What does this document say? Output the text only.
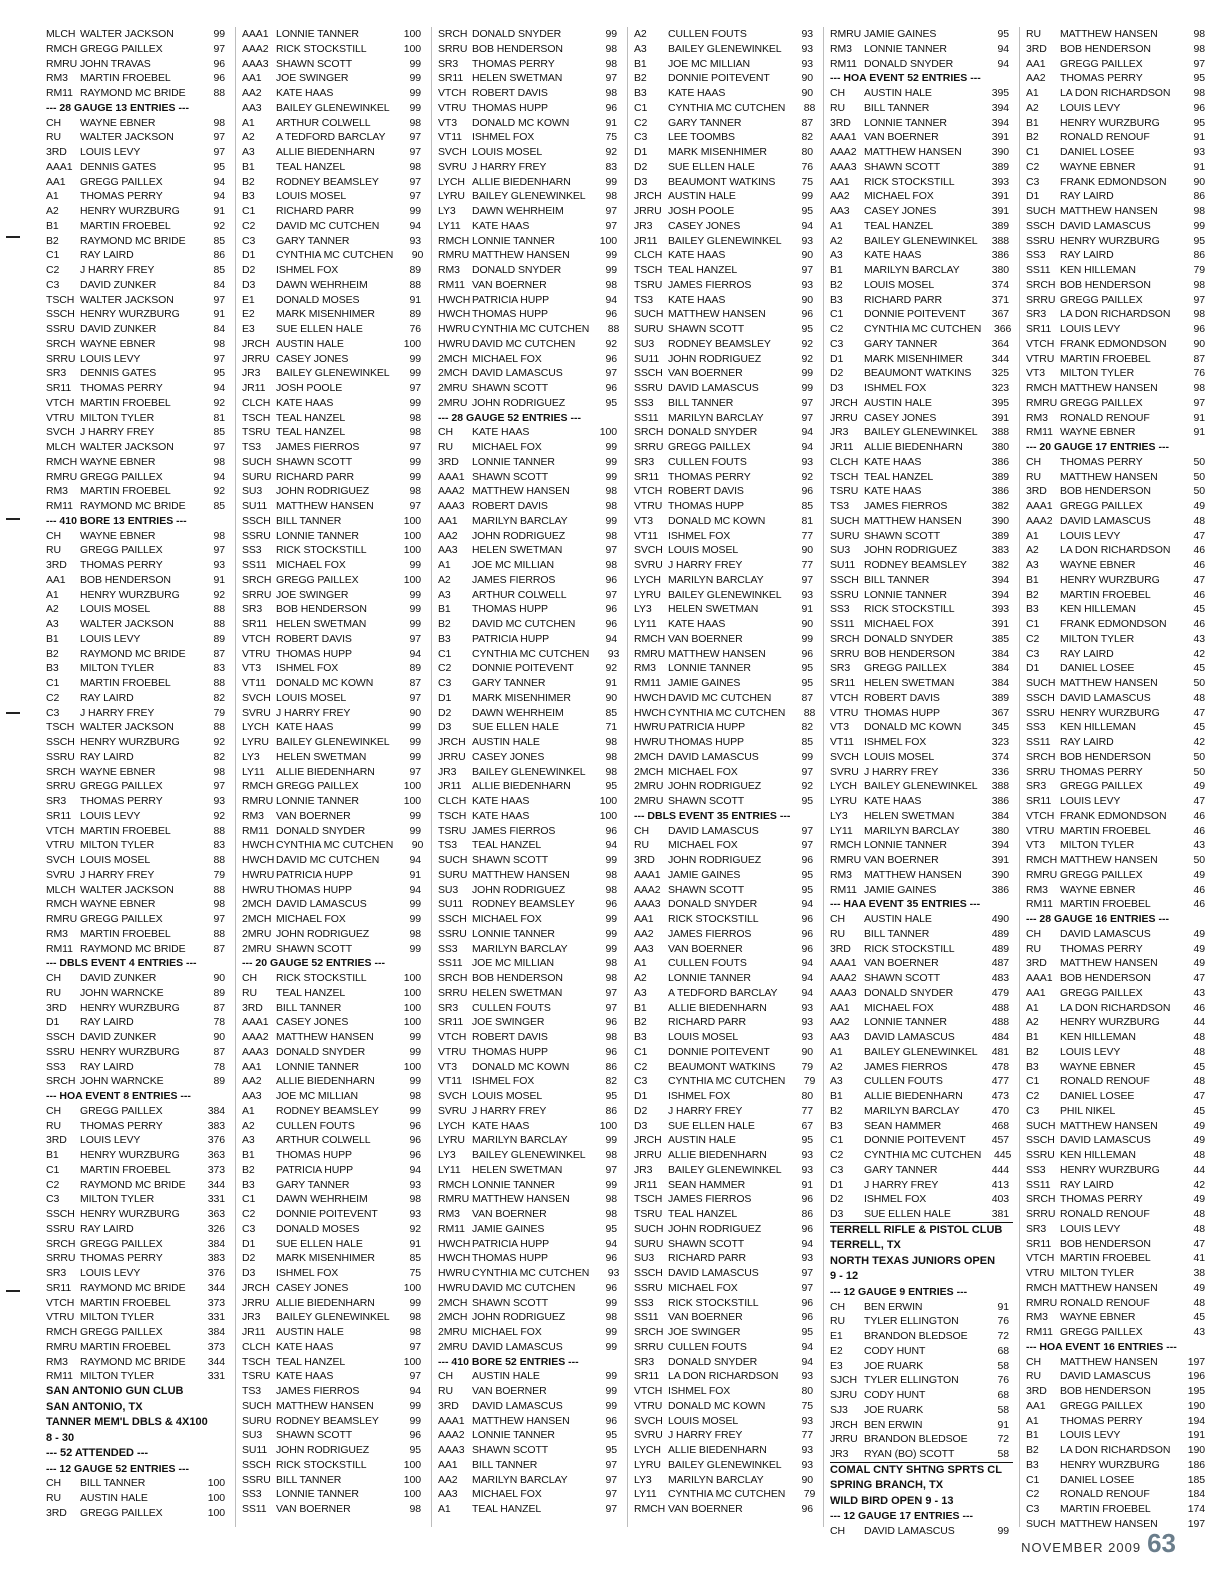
MLCH WALTER JACKSON	99
RMCH GREGG PAILLEX	97
RMRU JOHN TRAVAS	96
RM3	MARTIN FROEBEL	96
RM11 RAYMOND MC BRIDE	88
--- 28 GAUGE 13 ENTRIES ---
CH	WAYNE EBNER	98
RU	WALTER JACKSON	97
3RD	LOUIS LEVY	97
AAA1 DENNIS GATES	95
AA1	GREGG PAILLEX	94
A1	THOMAS PERRY	94
A2	HENRY WURZBURG	91
B1	MARTIN FROEBEL	92
B2	RAYMOND MC BRIDE	85
C1	RAY LAIRD	86
C2	J HARRY FREY	85
C3	DAVID ZUNKER	84
TSCH WALTER JACKSON	97
SSCH HENRY WURZBURG	91
SSRU DAVID ZUNKER	84
SRCH WAYNE EBNER	98
SRRU LOUIS LEVY	97
SR3	DENNIS GATES	95
SR11 THOMAS PERRY	94
VTCH MARTIN FROEBEL	92
VTRU MILTON TYLER	81
SVCH J HARRY FREY	85
MLCH WALTER JACKSON	97
RMCH WAYNE EBNER	98
RMRU GREGG PAILLEX	94
RM3	MARTIN FROEBEL	92
RM11 RAYMOND MC BRIDE	85
--- 410 BORE 13 ENTRIES ---
CH	WAYNE EBNER	98
RU	GREGG PAILLEX	97
3RD	THOMAS PERRY	93
AA1	BOB HENDERSON	91
A1	HENRY WURZBURG	92
A2	LOUIS MOSEL	88
A3	WALTER JACKSON	88
B1	LOUIS LEVY	89
B2	RAYMOND MC BRIDE	87
B3	MILTON TYLER	83
C1	MARTIN FROEBEL	88
C2	RAY LAIRD	82
C3	J HARRY FREY	79
TSCH WALTER JACKSON	88
SSCH HENRY WURZBURG	92
SSRU RAY LAIRD	82
SRCH WAYNE EBNER	98
SRRU GREGG PAILLEX	97
SR3	THOMAS PERRY	93
SR11 LOUIS LEVY	92
VTCH MARTIN FROEBEL	88
VTRU MILTON TYLER	83
SVCH LOUIS MOSEL	88
SVRU J HARRY FREY	79
MLCH WALTER JACKSON	88
RMCH WAYNE EBNER	98
RMRU GREGG PAILLEX	97
RM3	MARTIN FROEBEL	88
RM11 RAYMOND MC BRIDE	87
--- DBLS EVENT 4 ENTRIES ---
CH	DAVID ZUNKER	90
RU	JOHN WARNCKE	89
3RD	HENRY WURZBURG	87
D1	RAY LAIRD	78
SSCH DAVID ZUNKER	90
SSRU HENRY WURZBURG	87
SS3	RAY LAIRD	78
SRCH JOHN WARNCKE	89
--- HOA EVENT 8 ENTRIES ---
CH	GREGG PAILLEX	384
RU	THOMAS PERRY	383
3RD	LOUIS LEVY	376
B1	HENRY WURZBURG	363
C1	MARTIN FROEBEL	373
C2	RAYMOND MC BRIDE	344
C3	MILTON TYLER	331
SSCH HENRY WURZBURG	363
SSRU RAY LAIRD	326
SRCH GREGG PAILLEX	384
SRRU THOMAS PERRY	383
SR3	LOUIS LEVY	376
SR11 RAYMOND MC BRIDE	344
VTCH MARTIN FROEBEL	373
VTRU MILTON TYLER	331
RMCH GREGG PAILLEX	384
RMRU MARTIN FROEBEL	373
RM3	RAYMOND MC BRIDE	344
RM11 MILTON TYLER	331
SAN ANTONIO GUN CLUB
SAN ANTONIO, TX
TANNER MEM'L DBLS & 4X100
8 - 30
--- 52 ATTENDED ---
--- 12 GAUGE 52 ENTRIES ---
CH	BILL TANNER	100
RU	AUSTIN HALE	100
3RD	GREGG PAILLEX	100
AAA1 LONNIE TANNER	100
AAA2 RICK STOCKSTILL	100
AAA3 SHAWN SCOTT	99
AA1	JOE SWINGER	99
AA2	KATE HAAS	99
AA3	BAILEY GLENEWINKEL	99
A1	ARTHUR COLWELL	98
A2	A TEDFORD BARCLAY	97
A3	ALLIE BIEDENHARN	97
B1	TEAL HANZEL	98
B2	RODNEY BEAMSLEY	97
B3	LOUIS MOSEL	97
C1	RICHARD PARR	99
C2	DAVID MC CUTCHEN	94
C3	GARY TANNER	93
D1	CYNTHIA MC CUTCHEN	90
D2	ISHMEL FOX	89
D3	DAWN WEHRHEIM	88
E1	DONALD MOSES	91
E2	MARK MISENHIMER	89
E3	SUE ELLEN HALE	76
JRCH AUSTIN HALE	100
JRRU CASEY JONES	99
JR3	BAILEY GLENEWINKEL	99
JR11	JOSH POOLE	97
CLCH KATE HAAS	99
TSCH TEAL HANZEL	98
TSRU TEAL HANZEL	98
TS3	JAMES FIERROS	97
SUCH SHAWN SCOTT	99
SURU RICHARD PARR	99
SU3	JOHN RODRIGUEZ	98
SU11 MATTHEW HANSEN	97
SSCH BILL TANNER	100
SSRU LONNIE TANNER	100
SS3	RICK STOCKSTILL	100
SS11 MICHAEL FOX	99
SRCH GREGG PAILLEX	100
SRRU JOE SWINGER	99
SR3	BOB HENDERSON	99
SR11 HELEN SWETMAN	99
VTCH ROBERT DAVIS	97
VTRU THOMAS HUPP	94
VT3	ISHMEL FOX	89
VT11 DONALD MC KOWN	87
SVCH LOUIS MOSEL	97
SVRU J HARRY FREY	90
LYCH KATE HAAS	99
LYRU BAILEY GLENEWINKEL	99
LY3	HELEN SWETMAN	99
LY11	ALLIE BIEDENHARN	97
RMCH GREGG PAILLEX	100
RMRU LONNIE TANNER	100
RM3	VAN BOERNER	99
RM11 DONALD SNYDER	99
HWCH CYNTHIA MC CUTCHEN	90
HWCH DAVID MC CUTCHEN	94
HWRU PATRICIA HUPP	91
HWRU THOMAS HUPP	94
2MCH DAVID LAMASCUS	99
2MCH MICHAEL FOX	99
2MRU JOHN RODRIGUEZ	98
2MRU SHAWN SCOTT	99
--- 20 GAUGE 52 ENTRIES ---
CH	RICK STOCKSTILL	100
RU	TEAL HANZEL	100
3RD	BILL TANNER	100
AAA1 CASEY JONES	100
AAA2 MATTHEW HANSEN	99
AAA3 DONALD SNYDER	99
AA1	LONNIE TANNER	100
AA2	ALLIE BIEDENHARN	99
AA3	JOE MC MILLIAN	98
A1	RODNEY BEAMSLEY	99
A2	CULLEN FOUTS	96
A3	ARTHUR COLWELL	96
B1	THOMAS HUPP	96
B2	PATRICIA HUPP	94
B3	GARY TANNER	93
C1	DAWN WEHRHEIM	98
C2	DONNIE POITEVENT	93
C3	DONALD MOSES	92
D1	SUE ELLEN HALE	91
D2	MARK MISENHIMER	85
D3	ISHMEL FOX	75
JRCH CASEY JONES	100
JRRU ALLIE BIEDENHARN	99
JR3	BAILEY GLENEWINKEL	98
JR11	AUSTIN HALE	98
CLCH KATE HAAS	97
TSCH TEAL HANZEL	100
TSRU KATE HAAS	97
TS3	JAMES FIERROS	94
SUCH MATTHEW HANSEN	99
SURU RODNEY BEAMSLEY	99
SU3	SHAWN SCOTT	96
SU11 JOHN RODRIGUEZ	95
SSCH RICK STOCKSTILL	100
SSRU BILL TANNER	100
SS3	LONNIE TANNER	100
SS11 VAN BOERNER	98
SRCH DONALD SNYDER	99
SRRU BOB HENDERSON	98
SR3	THOMAS PERRY	98
SR11 HELEN SWETMAN	97
VTCH ROBERT DAVIS	98
VTRU THOMAS HUPP	96
VT3	DONALD MC KOWN	91
VT11 ISHMEL FOX	75
SVCH LOUIS MOSEL	92
SVRU J HARRY FREY	83
LYCH ALLIE BIEDENHARN	99
LYRU BAILEY GLENEWINKEL	98
LY3	DAWN WEHRHEIM	97
LY11	KATE HAAS	97
RMCH LONNIE TANNER	100
RMRU MATTHEW HANSEN	99
RM3	DONALD SNYDER	99
RM11 VAN BOERNER	98
HWCH PATRICIA HUPP	94
HWCH THOMAS HUPP	96
HWRU CYNTHIA MC CUTCHEN	88
HWRU DAVID MC CUTCHEN	92
2MCH MICHAEL FOX	96
2MCH DAVID LAMASCUS	97
2MRU SHAWN SCOTT	96
2MRU JOHN RODRIGUEZ	95
--- 28 GAUGE 52 ENTRIES ---
CH	KATE HAAS	100
RU	MICHAEL FOX	99
3RD	LONNIE TANNER	99
AAA1 SHAWN SCOTT	99
AAA2 MATTHEW HANSEN	98
AAA3 ROBERT DAVIS	98
AA1	MARILYN BARCLAY	99
AA2	JOHN RODRIGUEZ	98
AA3	HELEN SWETMAN	97
A1	JOE MC MILLIAN	98
A2	JAMES FIERROS	96
A3	ARTHUR COLWELL	97
B1	THOMAS HUPP	96
B2	DAVID MC CUTCHEN	96
B3	PATRICIA HUPP	94
C1	CYNTHIA MC CUTCHEN	93
C2	DONNIE POITEVENT	92
C3	GARY TANNER	91
D1	MARK MISENHIMER	90
D2	DAWN WEHRHEIM	85
D3	SUE ELLEN HALE	71
JRCH AUSTIN HALE	98
JRRU CASEY JONES	98
JR3	BAILEY GLENEWINKEL	98
JR11	ALLIE BIEDENHARN	95
CLCH KATE HAAS	100
TSCH KATE HAAS	100
TSRU JAMES FIERROS	96
TS3	TEAL HANZEL	94
SUCH SHAWN SCOTT	99
SURU MATTHEW HANSEN	98
SU3	JOHN RODRIGUEZ	98
SU11 RODNEY BEAMSLEY	96
SSCH MICHAEL FOX	99
SSRU LONNIE TANNER	99
SS3	MARILYN BARCLAY	99
SS11 JOE MC MILLIAN	98
SRCH BOB HENDERSON	98
SRRU HELEN SWETMAN	97
SR3	CULLEN FOUTS	97
SR11 JOE SWINGER	96
VTCH ROBERT DAVIS	98
VTRU THOMAS HUPP	96
VT3	DONALD MC KOWN	86
VT11 ISHMEL FOX	82
SVCH LOUIS MOSEL	95
SVRU J HARRY FREY	86
LYCH KATE HAAS	100
LYRU MARILYN BARCLAY	99
LY3	BAILEY GLENEWINKEL	98
LY11	HELEN SWETMAN	97
RMCH LONNIE TANNER	99
RMRU MATTHEW HANSEN	98
RM3	VAN BOERNER	98
RM11 JAMIE GAINES	95
HWCH PATRICIA HUPP	94
HWCH THOMAS HUPP	96
HWRU CYNTHIA MC CUTCHEN	93
HWRU DAVID MC CUTCHEN	96
2MCH SHAWN SCOTT	99
2MCH JOHN RODRIGUEZ	98
2MRU MICHAEL FOX	99
2MRU DAVID LAMASCUS	99
--- 410 BORE 52 ENTRIES ---
CH	AUSTIN HALE	99
RU	VAN BOERNER	99
3RD	DAVID LAMASCUS	99
AAA1 MATTHEW HANSEN	96
AAA2 LONNIE TANNER	95
AAA3 SHAWN SCOTT	95
AA1	BILL TANNER	97
AA2	MARILYN BARCLAY	97
AA3	MICHAEL FOX	97
A1	TEAL HANZEL	97
A2	CULLEN FOUTS	93
A3	BAILEY GLENEWINKEL	93
B1	JOE MC MILLIAN	93
B2	DONNIE POITEVENT	90
B3	KATE HAAS	90
C1	CYNTHIA MC CUTCHEN	88
C2	GARY TANNER	87
C3	LEE TOOMBS	82
D1	MARK MISENHIMER	80
D2	SUE ELLEN HALE	76
D3	BEAUMONT WATKINS	75
JRCH AUSTIN HALE	99
JRRU JOSH POOLE	95
JR3	CASEY JONES	94
JR11	BAILEY GLENEWINKEL	93
CLCH KATE HAAS	90
TSCH TEAL HANZEL	97
TSRU JAMES FIERROS	93
TS3	KATE HAAS	90
SUCH MATTHEW HANSEN	96
SURU SHAWN SCOTT	95
SU3	RODNEY BEAMSLEY	92
SU11 JOHN RODRIGUEZ	92
SSCH VAN BOERNER	99
SSRU DAVID LAMASCUS	99
SS3	BILL TANNER	97
SS11 MARILYN BARCLAY	97
SRCH DONALD SNYDER	94
SRRU GREGG PAILLEX	94
SR3	CULLEN FOUTS	93
SR11 THOMAS PERRY	92
VTCH ROBERT DAVIS	96
VTRU THOMAS HUPP	85
VT3	DONALD MC KOWN	81
VT11 ISHMEL FOX	77
SVCH LOUIS MOSEL	90
SVRU J HARRY FREY	77
LYCH MARILYN BARCLAY	97
LYRU BAILEY GLENEWINKEL	93
LY3	HELEN SWETMAN	91
LY11	KATE HAAS	90
RMCH VAN BOERNER	99
RMRU MATTHEW HANSEN	96
RM3	LONNIE TANNER	95
RM11 JAMIE GAINES	95
HWCH DAVID MC CUTCHEN	87
HWCH CYNTHIA MC CUTCHEN	88
HWRU PATRICIA HUPP	82
HWRU THOMAS HUPP	85
2MCH DAVID LAMASCUS	99
2MCH MICHAEL FOX	97
2MRU JOHN RODRIGUEZ	92
2MRU SHAWN SCOTT	95
--- DBLS EVENT 35 ENTRIES ---
CH	DAVID LAMASCUS	97
RU	MICHAEL FOX	97
3RD	JOHN RODRIGUEZ	96
AAA1 JAMIE GAINES	95
AAA2 SHAWN SCOTT	95
AAA3 DONALD SNYDER	94
AA1	RICK STOCKSTILL	96
AA2	JAMES FIERROS	96
AA3	VAN BOERNER	96
A1	CULLEN FOUTS	94
A2	LONNIE TANNER	94
A3	A TEDFORD BARCLAY	94
B1	ALLIE BIEDENHARN	93
B2	RICHARD PARR	93
B3	LOUIS MOSEL	93
C1	DONNIE POITEVENT	90
C2	BEAUMONT WATKINS	79
C3	CYNTHIA MC CUTCHEN	79
D1	ISHMEL FOX	80
D2	J HARRY FREY	77
D3	SUE ELLEN HALE	67
JRCH AUSTIN HALE	95
JRRU ALLIE BIEDENHARN	93
JR3	BAILEY GLENEWINKEL	93
JR11	SEAN HAMMER	91
TSCH JAMES FIERROS	96
TSRU TEAL HANZEL	86
SUCH JOHN RODRIGUEZ	96
SURU SHAWN SCOTT	94
SU3	RICHARD PARR	93
SSCH DAVID LAMASCUS	97
SSRU MICHAEL FOX	97
SS3	RICK STOCKSTILL	96
SS11 VAN BOERNER	96
SRCH JOE SWINGER	95
SRRU CULLEN FOUTS	94
SR3	DONALD SNYDER	94
SR11 LA DON RICHARDSON	93
VTCH ISHMEL FOX	80
VTRU DONALD MC KOWN	75
SVCH LOUIS MOSEL	93
SVRU J HARRY FREY	77
LYCH ALLIE BIEDENHARN	93
LYRU BAILEY GLENEWINKEL	93
LY3	MARILYN BARCLAY	90
LY11	CYNTHIA MC CUTCHEN	79
RMCH VAN BOERNER	96
RMRU JAMIE GAINES	95
RM3	LONNIE TANNER	94
RM11 DONALD SNYDER	94
--- HOA EVENT 52 ENTRIES ---
CH	AUSTIN HALE	395
RU	BILL TANNER	394
3RD	LONNIE TANNER	394
AAA1 VAN BOERNER	391
AAA2 MATTHEW HANSEN	390
AAA3 SHAWN SCOTT	389
AA1	RICK STOCKSTILL	393
AA2	MICHAEL FOX	391
AA3	CASEY JONES	391
A1	TEAL HANZEL	389
A2	BAILEY GLENEWINKEL	388
A3	KATE HAAS	386
B1	MARILYN BARCLAY	380
B2	LOUIS MOSEL	374
B3	RICHARD PARR	371
C1	DONNIE POITEVENT	367
C2	CYNTHIA MC CUTCHEN	366
C3	GARY TANNER	364
D1	MARK MISENHIMER	344
D2	BEAUMONT WATKINS	325
D3	ISHMEL FOX	323
JRCH AUSTIN HALE	395
JRRU CASEY JONES	391
JR3	BAILEY GLENEWINKEL	388
JR11	ALLIE BIEDENHARN	380
CLCH KATE HAAS	386
TSCH TEAL HANZEL	389
TSRU KATE HAAS	386
TS3	JAMES FIERROS	382
SUCH MATTHEW HANSEN	390
SURU SHAWN SCOTT	389
SU3	JOHN RODRIGUEZ	383
SU11 RODNEY BEAMSLEY	382
SSCH BILL TANNER	394
SSRU LONNIE TANNER	394
SS3	RICK STOCKSTILL	393
SS11 MICHAEL FOX	391
SRCH DONALD SNYDER	385
SRRU BOB HENDERSON	384
SR3	GREGG PAILLEX	384
SR11 HELEN SWETMAN	384
VTCH ROBERT DAVIS	389
VTRU THOMAS HUPP	367
VT3	DONALD MC KOWN	345
VT11 ISHMEL FOX	323
SVCH LOUIS MOSEL	374
SVRU J HARRY FREY	336
LYCH BAILEY GLENEWINKEL	388
LYRU KATE HAAS	386
LY3	HELEN SWETMAN	384
LY11	MARILYN BARCLAY	380
RMCH LONNIE TANNER	394
RMRU VAN BOERNER	391
RM3	MATTHEW HANSEN	390
RM11 JAMIE GAINES	386
--- HAA EVENT 35 ENTRIES ---
CH	AUSTIN HALE	490
RU	BILL TANNER	489
3RD	RICK STOCKSTILL	489
AAA1 VAN BOERNER	487
AAA2 SHAWN SCOTT	483
AAA3 DONALD SNYDER	479
AA1	MICHAEL FOX	488
AA2	LONNIE TANNER	488
AA3	DAVID LAMASCUS	484
A1	BAILEY GLENEWINKEL	481
A2	JAMES FIERROS	478
A3	CULLEN FOUTS	477
B1	ALLIE BIEDENHARN	473
B2	MARILYN BARCLAY	470
B3	SEAN HAMMER	468
C1	DONNIE POITEVENT	457
C2	CYNTHIA MC CUTCHEN	445
C3	GARY TANNER	444
D1	J HARRY FREY	413
D2	ISHMEL FOX	403
D3	SUE ELLEN HALE	381
TERRELL RIFLE & PISTOL CLUB
TERRELL, TX
NORTH TEXAS JUNIORS OPEN
9 - 12
--- 12 GAUGE 9 ENTRIES ---
CH	BEN ERWIN	91
RU	TYLER ELLINGTON	76
E1	BRANDON BLEDSOE	72
E2	CODY HUNT	68
E3	JOE RUARK	58
SJCH TYLER ELLINGTON	76
SJRU CODY HUNT	68
SJ3	JOE RUARK	58
JRCH BEN ERWIN	91
JRRU BRANDON BLEDSOE	72
JR3	RYAN (BO) SCOTT	58
COMAL CNTY SHTNG SPRTS CL
SPRING BRANCH, TX
WILD BIRD OPEN 9 - 13
--- 12 GAUGE 17 ENTRIES ---
CH	DAVID LAMASCUS	99
RU	MATTHEW HANSEN	98
3RD	BOB HENDERSON	98
AA1	GREGG PAILLEX	97
AA2	THOMAS PERRY	95
A1	LA DON RICHARDSON	98
A2	LOUIS LEVY	96
B1	HENRY WURZBURG	95
B2	RONALD RENOUF	91
C1	DANIEL LOSEE	93
C2	WAYNE EBNER	91
C3	FRANK EDMONDSON	90
D1	RAY LAIRD	86
SUCH MATTHEW HANSEN	98
SSCH DAVID LAMASCUS	99
SSRU HENRY WURZBURG	95
SS3	RAY LAIRD	86
SS11 KEN HILLEMAN	79
SRCH BOB HENDERSON	98
SRRU GREGG PAILLEX	97
SR3	LA DON RICHARDSON	98
SR11 LOUIS LEVY	96
VTCH FRANK EDMONDSON	90
VTRU MARTIN FROEBEL	87
VT3	MILTON TYLER	76
RMCH MATTHEW HANSEN	98
RMRU GREGG PAILLEX	97
RM3	RONALD RENOUF	91
RM11 WAYNE EBNER	91
--- 20 GAUGE 17 ENTRIES ---
CH	THOMAS PERRY	50
RU	MATTHEW HANSEN	50
3RD	BOB HENDERSON	50
AAA1 GREGG PAILLEX	49
AAA2 DAVID LAMASCUS	48
A1	LOUIS LEVY	47
A2	LA DON RICHARDSON	46
A3	WAYNE EBNER	46
B1	HENRY WURZBURG	47
B2	MARTIN FROEBEL	46
B3	KEN HILLEMAN	45
C1	FRANK EDMONDSON	46
C2	MILTON TYLER	43
C3	RAY LAIRD	42
D1	DANIEL LOSEE	45
SUCH MATTHEW HANSEN	50
SSCH DAVID LAMASCUS	48
SSRU HENRY WURZBURG	47
SS3	KEN HILLEMAN	45
SS11 RAY LAIRD	42
SRCH BOB HENDERSON	50
SRRU THOMAS PERRY	50
SR3	GREGG PAILLEX	49
SR11 LOUIS LEVY	47
VTCH FRANK EDMONDSON	46
VTRU MARTIN FROEBEL	46
VT3	MILTON TYLER	43
RMCH MATTHEW HANSEN	50
RMRU GREGG PAILLEX	49
RM3	WAYNE EBNER	46
RM11 MARTIN FROEBEL	46
--- 28 GAUGE 16 ENTRIES ---
CH	DAVID LAMASCUS	49
RU	THOMAS PERRY	49
3RD	MATTHEW HANSEN	49
AAA1 BOB HENDERSON	47
AA1	GREGG PAILLEX	43
A1	LA DON RICHARDSON	46
A2	HENRY WURZBURG	44
B1	KEN HILLEMAN	48
B2	LOUIS LEVY	48
B3	WAYNE EBNER	45
C1	RONALD RENOUF	48
C2	DANIEL LOSEE	47
C3	PHIL NIKEL	45
SUCH MATTHEW HANSEN	49
SSCH DAVID LAMASCUS	49
SSRU KEN HILLEMAN	48
SS3	HENRY WURZBURG	44
SS11 RAY LAIRD	42
SRCH THOMAS PERRY	49
SRRU RONALD RENOUF	48
SR3	LOUIS LEVY	48
SR11 BOB HENDERSON	47
VTCH MARTIN FROEBEL	41
VTRU MILTON TYLER	38
RMCH MATTHEW HANSEN	49
RMRU RONALD RENOUF	48
RM3	WAYNE EBNER	45
RM11 GREGG PAILLEX	43
--- HOA EVENT 16 ENTRIES ---
CH	MATTHEW HANSEN	197
RU	DAVID LAMASCUS	196
3RD	BOB HENDERSON	195
AA1	GREGG PAILLEX	190
A1	THOMAS PERRY	194
B1	LOUIS LEVY	191
B2	LA DON RICHARDSON	190
B3	HENRY WURZBURG	186
C1	DANIEL LOSEE	185
C2	RONALD RENOUF	184
C3	MARTIN FROEBEL	174
SUCH MATTHEW HANSEN	197
NOVEMBER 2009 63
